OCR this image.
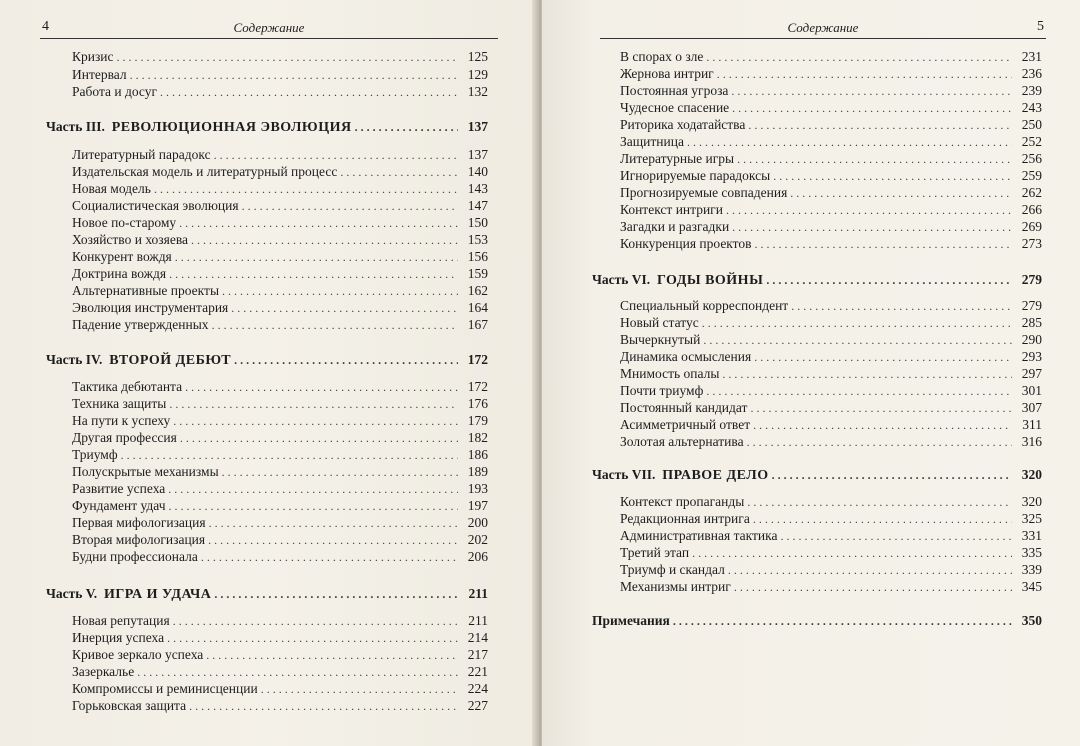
4	Содержание
Кризис . . .	125
Интервал . . .	129
Работа и досуг . . .	132
Часть III. РЕВОЛЮЦИОННАЯ ЭВОЛЮЦИЯ . . .	137
Литературный парадокс . . .	137
Издательская модель и литературный процесс . . .	140
Новая модель . . .	143
Социалистическая эволюция . . .	147
Новое по-старому . . .	150
Хозяйство и хозяева . . .	153
Конкурент вождя . . .	156
Доктрина вождя . . .	159
Альтернативные проекты . . .	162
Эволюция инструментария . . .	164
Падение утвержденных . . .	167
Часть IV. ВТОРОЙ ДЕБЮТ . . .	172
Тактика дебютанта . . .	172
Техника защиты . . .	176
На пути к успеху . . .	179
Другая профессия . . .	182
Триумф . . .	186
Полускрытые механизмы . . .	189
Развитие успеха . . .	193
Фундамент удач . . .	197
Первая мифологизация . . .	200
Вторая мифологизация . . .	202
Будни профессионала . . .	206
Часть V. ИГРА И УДАЧА . . .	211
Новая репутация . . .	211
Инерция успеха . . .	214
Кривое зеркало успеха . . .	217
Зазеркалье . . .	221
Компромиссы и реминисценции . . .	224
Горьковская защита . . .	227
Содержание	5
В спорах о зле . . .	231
Жернова интриг . . .	236
Постоянная угроза . . .	239
Чудесное спасение . . .	243
Риторика ходатайства . . .	250
Защитница . . .	252
Литературные игры . . .	256
Игнорируемые парадоксы . . .	259
Прогнозируемые совпадения . . .	262
Контекст интриги . . .	266
Загадки и разгадки . . .	269
Конкуренция проектов . . .	273
Часть VI. ГОДЫ ВОЙНЫ . . .	279
Специальный корреспондент . . .	279
Новый статус . . .	285
Вычеркнутый . . .	290
Динамика осмысления . . .	293
Мнимость опалы . . .	297
Почти триумф . . .	301
Постоянный кандидат . . .	307
Асимметричный ответ . . .	311
Золотая альтернатива . . .	316
Часть VII. ПРАВОЕ ДЕЛО . . .	320
Контекст пропаганды . . .	320
Редакционная интрига . . .	325
Административная тактика . . .	331
Третий этап . . .	335
Триумф и скандал . . .	339
Механизмы интриг . . .	345
Примечания . . .	350
